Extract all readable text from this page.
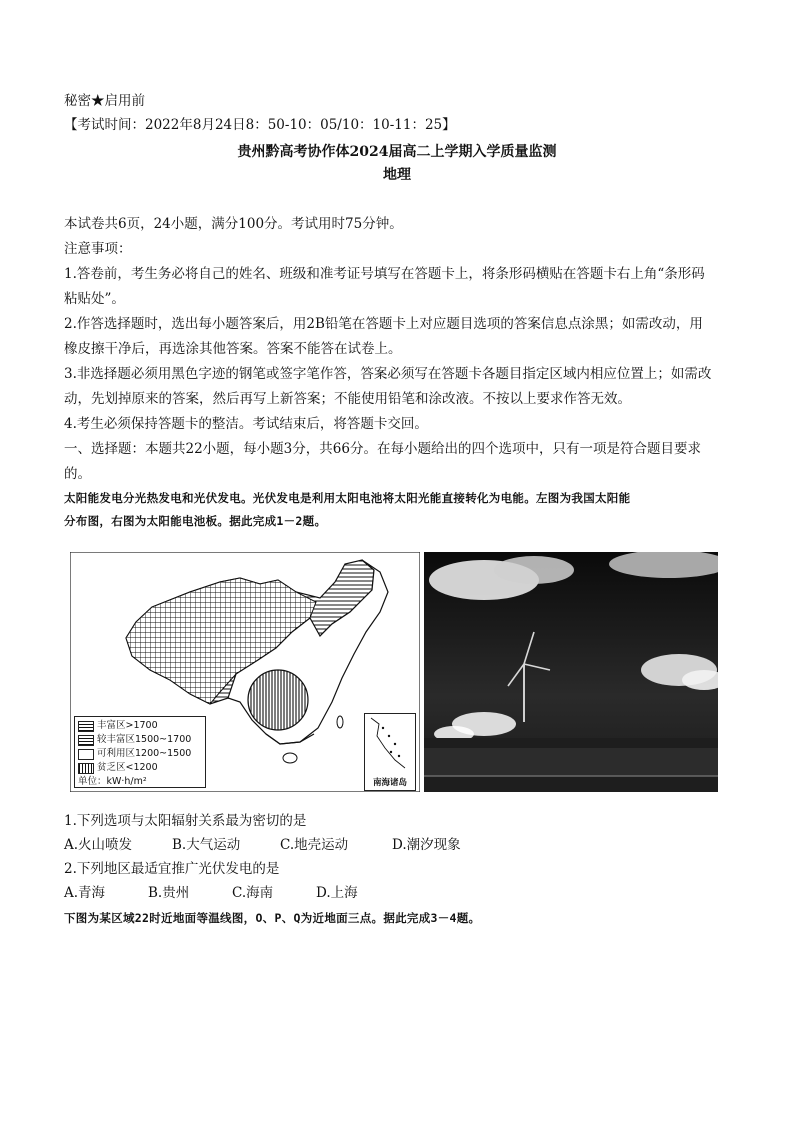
秘密★启用前
【考试时间：2022年8月24日8：50-10：05/10：10-11：25】
贵州黔高考协作体2024届高二上学期入学质量监测
地理
本试卷共6页，24小题，满分100分。考试用时75分钟。
注意事项：
1.答卷前，考生务必将自己的姓名、班级和准考证号填写在答题卡上，将条形码横贴在答题卡右上角“条形码
粘贴处”。
2.作答选择题时，选出每小题答案后，用2B铅笔在答题卡上对应题目选项的答案信息点涂黑；如需改动，用
橡皮擦干净后，再选涂其他答案。答案不能答在试卷上。
3.非选择题必须用黑色字迹的钢笔或签字笔作答，答案必须写在答题卡各题目指定区域内相应位置上；如需改
动，先划掉原来的答案，然后再写上新答案；不能使用铅笔和涂改液。不按以上要求作答无效。
4.考生必须保持答题卡的整洁。考试结束后，将答题卡交回。
一、选择题：本题共22小题，每小题3分，共66分。在每小题给出的四个选项中，只有一项是符合题目要求
的。
太阳能发电分光热发电和光伏发电。光伏发电是利用太阳电池将太阳光能直接转化为电能。左图为我国太阳能
分布图，右图为太阳能电池板。据此完成1－2题。
丰富区>1700
较丰富区1500~1700
可利用区1200~1500
贫乏区<1200
单位：kW·h/m²	南海诸岛
1.下列选项与太阳辐射关系最为密切的是
A.火山喷发	B.大气运动	C.地壳运动	D.潮汐现象
2.下列地区最适宜推广光伏发电的是
A.青海	B.贵州	C.海南	D.上海
下图为某区域22时近地面等温线图，O、P、Q为近地面三点。据此完成3－4题。
